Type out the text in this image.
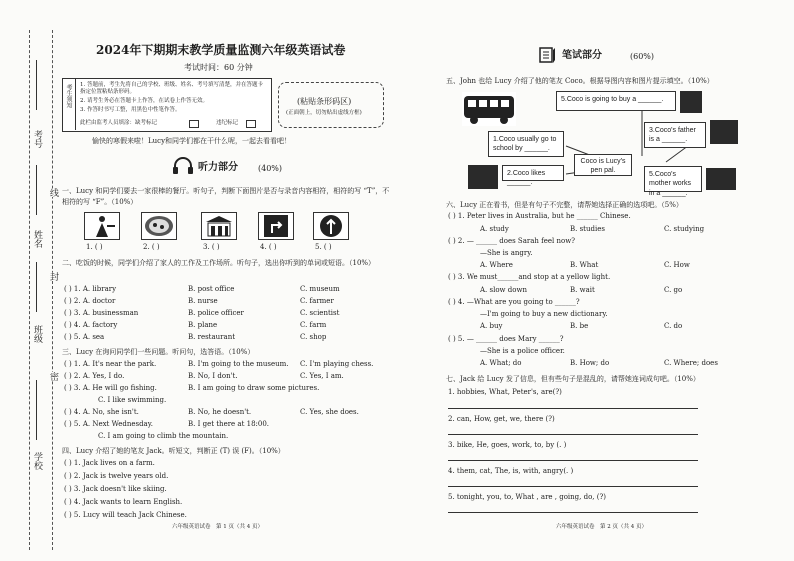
考号
姓名
班级
学校
线
封
密
2024年下期期末教学质量监测六年级英语试卷
考试时间：60 分钟
考生须知 1. 答题前，考生先将自己的学校、班级、姓名、考号填写清楚，并在答题卡指定位置粘贴条形码。
2. 请考生务必在答题卡上作答，在试卷上作答无效。
3. 作答时书写工整，用黑色中性笔作答。
此栏由监考人员填涂：缺考标记	违纪标记
(粘贴条形码区)
(正面朝上，切勿贴出虚线方框)
愉快的寒假来啦！Lucy和同学们都在干什么呢，一起去看看吧！
听力部分	(40%)
一、Lucy 和同学们要去一家很棒的餐厅。听句子，判断下面图片是否与录音内容相符，相符的写 “T”，不相符的写 “F”。（10%）
1. ( )	2. ( )	3. ( )	4. ( )	5. ( )
二、吃饭的时候，同学们介绍了家人的工作及工作场所。听句子，选出你听到的单词或短语。（10%）
( ) 1. A. library	B. post office	C. museum
( ) 2. A. doctor	B. nurse	C. farmer
( ) 3. A. businessman	B. police officer	C. scientist
( ) 4. A. factory	B. plane	C. farm
( ) 5. A. sea	B. restaurant	C. shop
三、Lucy 在询问同学们一些问题。听问句，选答语。（10%）
( ) 1. A. It's near the park.	B. I'm going to the museum. C. I'm playing chess.
( ) 2. A. Yes, I do.	B. No, I don't.	C. Yes, I am.
( ) 3. A. He will go fishing.	B. I am going to draw some pictures.
C. I like swimming.
( ) 4. A. No, she isn't.	B. No, he doesn't.	C. Yes, she does.
( ) 5. A. Next Wednesday.	B. I get there at 18:00.
C. I am going to climb the mountain.
四、Lucy 介绍了她的笔友 Jack。听短文，判断正 (T) 误 (F)。（10%）
( ) 1. Jack lives on a farm.
( ) 2. Jack is twelve years old.
( ) 3. Jack doesn't like skiing.
( ) 4. Jack wants to learn English.
( ) 5. Lucy will teach Jack Chinese.
六年级英语试卷　第 1 页（共 4 页）
笔试部分	(60%)
五、John 也给 Lucy 介绍了他的笔友 Coco。根据导图内容和图片提示填空。（10%）
5.Coco is going to buy a ______.
1.Coco usually go to school by ______.
3.Coco's father is a ______.
Coco is Lucy's pen pal.
2.Coco likes ______.
5.Coco's mother works in a ______.
六、Lucy 正在看书，但是有句子不完整，请帮她选择正确的选项吧。（5%）
( ) 1. Peter lives in Australia, but he ______ Chinese.
A. study	B. studies	C. studying
( ) 2. — ______ does Sarah feel now?
—She is angry.
A. Where	B. What	C. How
( ) 3. We must______and stop at a yellow light.
A. slow down	B. wait	C. go
( ) 4. —What are you going to ______?
—I'm going to buy a new dictionary.
A. buy	B. be	C. do
( ) 5. — ______ does Mary ______?
—She is a police officer.
A. What; do	B. How; do	C. Where; does
七、Jack 给 Lucy 发了信息，但有些句子是混乱的，请帮她连词成句吧。（10%）
1. hobbies, What, Peter's, are(?)
2. can, How, get, we, there (?)
3. bike, He, goes, work, to, by (. )
4. them, cat, The, is, with, angry(. )
5. tonight, you, to, What , are , going, do, (?)
六年级英语试卷　第 2 页（共 4 页）
